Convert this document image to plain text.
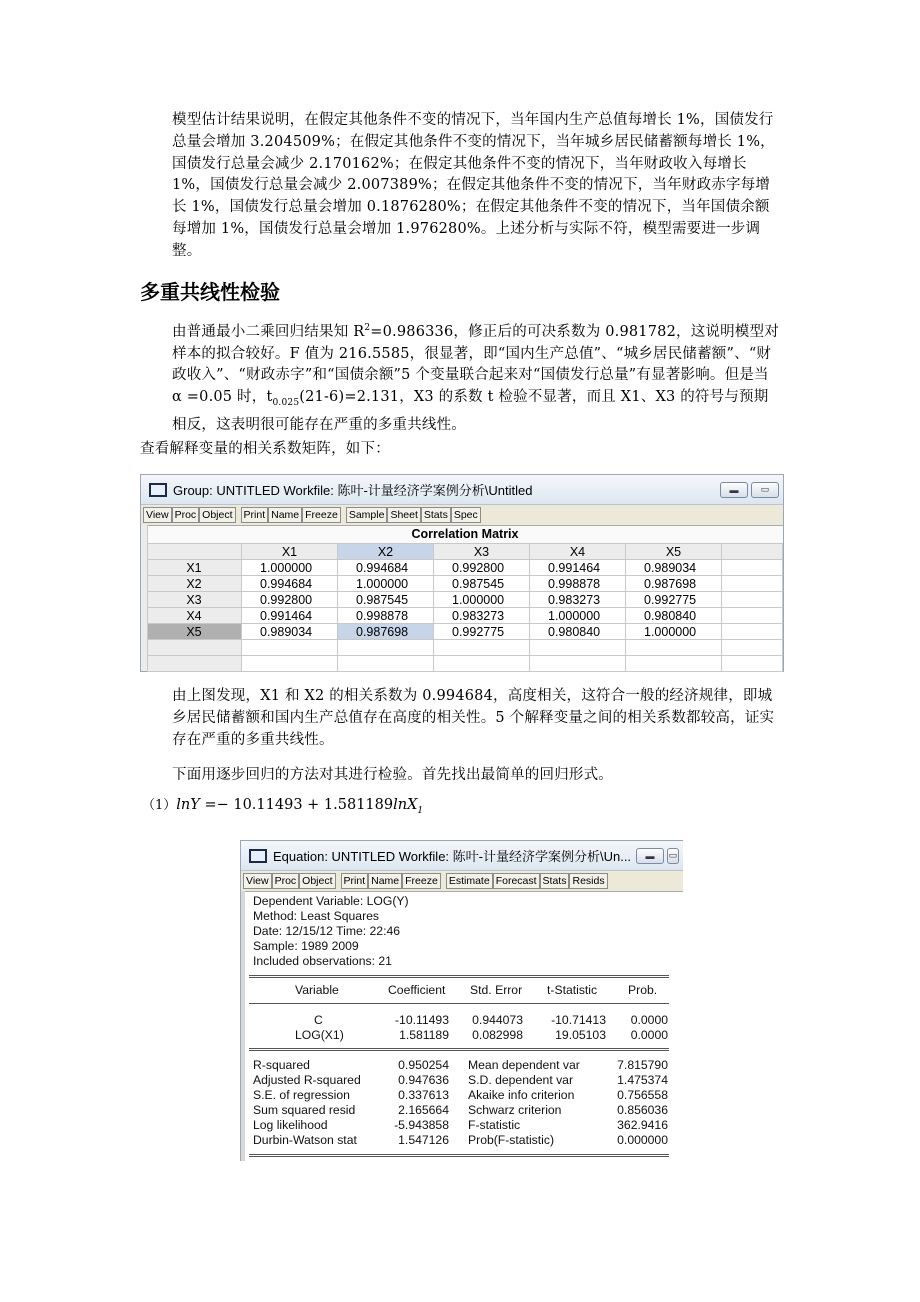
模型估计结果说明，在假定其他条件不变的情况下，当年国内生产总值每增长 1%，国债发行总量会增加 3.204509%；在假定其他条件不变的情况下，当年城乡居民储蓄额每增长 1%，国债发行总量会减少 2.170162%；在假定其他条件不变的情况下，当年财政收入每增长 1%，国债发行总量会减少 2.007389%；在假定其他条件不变的情况下，当年财政赤字每增长 1%，国债发行总量会增加 0.1876280%；在假定其他条件不变的情况下，当年国债余额每增加 1%，国债发行总量会增加 1.976280%。上述分析与实际不符，模型需要进一步调整。
多重共线性检验
由普通最小二乘回归结果知 $R^2=0.986336$，修正后的可决系数为 0.981782，这说明模型对样本的拟合较好。F 值为 216.5585，很显著，即“国内生产总值”、“城乡居民储蓄额”、“财政收入”、“财政赤字”和“国债余额”5 个变量联合起来对“国债发行总量”有显著影响。但是当 α =0.05 时，$t_{0.025}(21-6)=2.131$，X3 的系数 t 检验不显著，而且 X1、X3 的符号与预期相反，这表明很可能存在严重的多重共线性。
查看解释变量的相关系数矩阵，如下：
Group: UNTITLED Workfile: 陈叶-计量经济学案例分析\Untitled	▬	▭
View Proc Object Print Name Freeze Sample Sheet Stats Spec
Correlation Matrix
	X1	X2	X3	X4	X5	
X1	1.000000	0.994684	0.992800	0.991464	0.989034	
X2	0.994684	1.000000	0.987545	0.998878	0.987698	
X3	0.992800	0.987545	1.000000	0.983273	0.992775	
X4	0.991464	0.998878	0.983273	1.000000	0.980840	
X5	0.989034	0.987698	0.992775	0.980840	1.000000	

由上图发现，X1 和 X2 的相关系数为 0.994684，高度相关，这符合一般的经济规律，即城乡居民储蓄额和国内生产总值存在高度的相关性。5 个解释变量之间的相关系数都较高，证实存在严重的多重共线性。
下面用逐步回归的方法对其进行检验。首先找出最简单的回归形式。
（1）lnY =− 10.11493 + 1.581189lnX$_1$
Equation: UNTITLED Workfile: 陈叶-计量经济学案例分析\Un...	▬	▭
View Proc Object Print Name Freeze Estimate Forecast Stats Resids
Dependent Variable: LOG(Y)
Method: Least Squares
Date: 12/15/12 Time: 22:46
Sample: 1989 2009
Included observations: 21
Variable	Coefficient Std. Error t-Statistic	Prob.
C	-10.11493	0.944073	-10.71413	0.0000
LOG(X1)	1.581189	0.082998	19.05103	0.0000
R-squared	0.950254 Mean dependent var	7.815790
Adjusted R-squared	0.947636 S.D. dependent var	1.475374
S.E. of regression	0.337613 Akaike info criterion	0.756558
Sum squared resid	2.165664 Schwarz criterion	0.856036
Log likelihood	-5.943858 F-statistic	362.9416
Durbin-Watson stat	1.547126 Prob(F-statistic)	0.000000
